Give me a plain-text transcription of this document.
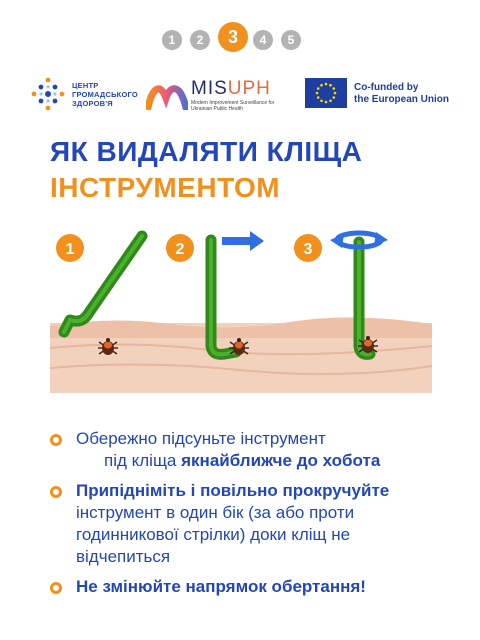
1	2	3	4	5
ЦЕНТР ГРОМАДСЬКОГО ЗДОРОВ'Я
MISUPH
Modern Improvement Surveillance for Ukrainian Public Health
Co-funded by
the European Union
ЯК ВИДАЛЯТИ КЛІЩА
ІНСТРУМЕНТОМ
1	2	3
Обережно підсуньте інструмент
під кліща якнайближче до хобота
Припідніміть і повільно прокручуйте
інструмент в один бік (за або проти
годинникової стрілки) доки кліщ не
відчепиться
Не змінюйте напрямок обертання!
